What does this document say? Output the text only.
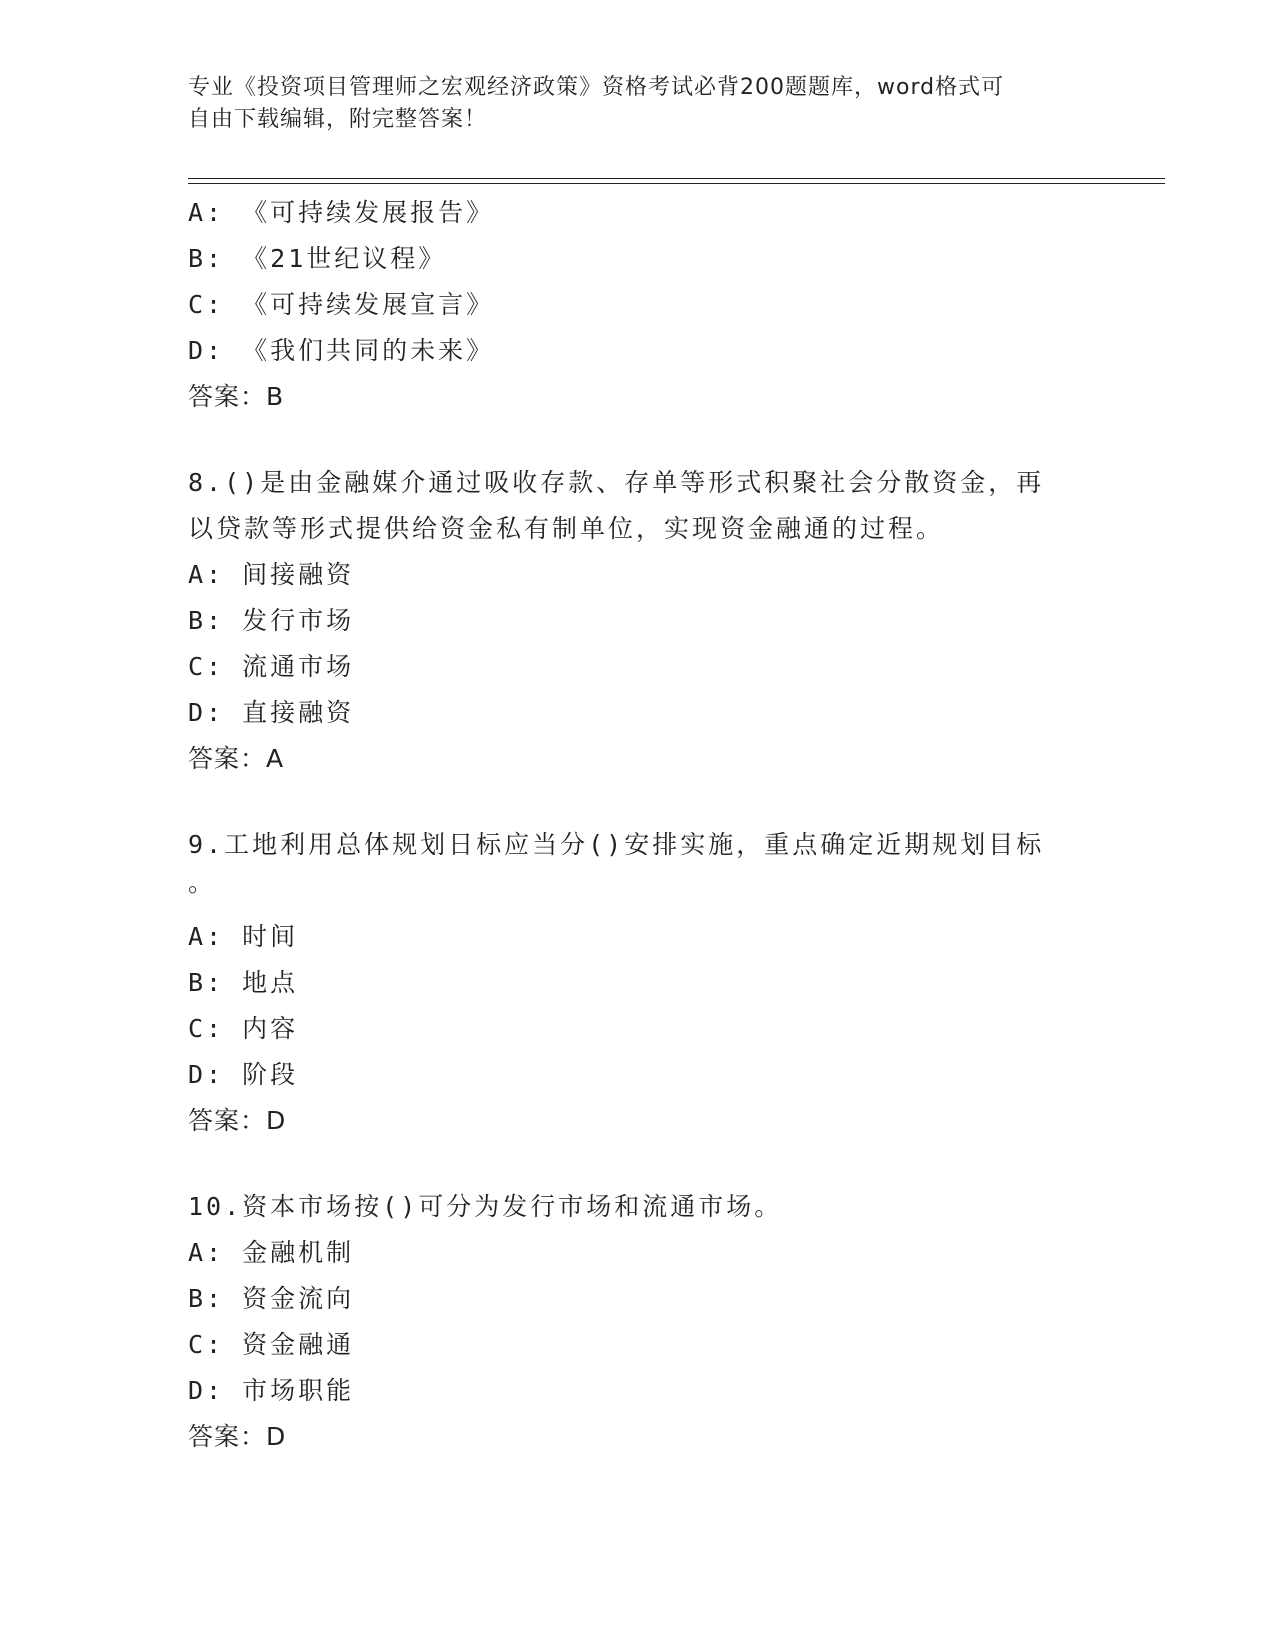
专业《投资项目管理师之宏观经济政策》资格考试必背200题题库，word格式可
自由下载编辑，附完整答案！
A: 《可持续发展报告》
B: 《21世纪议程》
C: 《可持续发展宣言》
D: 《我们共同的未来》
答案：B
8.()是由金融媒介通过吸收存款、存单等形式积聚社会分散资金，再
以贷款等形式提供给资金私有制单位，实现资金融通的过程。
A: 间接融资
B: 发行市场
C: 流通市场
D: 直接融资
答案：A
9.工地利用总体规划日标应当分()安排实施，重点确定近期规划目标
。
A: 时间
B: 地点
C: 内容
D: 阶段
答案：D
10.资本市场按()可分为发行市场和流通市场。
A: 金融机制
B: 资金流向
C: 资金融通
D: 市场职能
答案：D
